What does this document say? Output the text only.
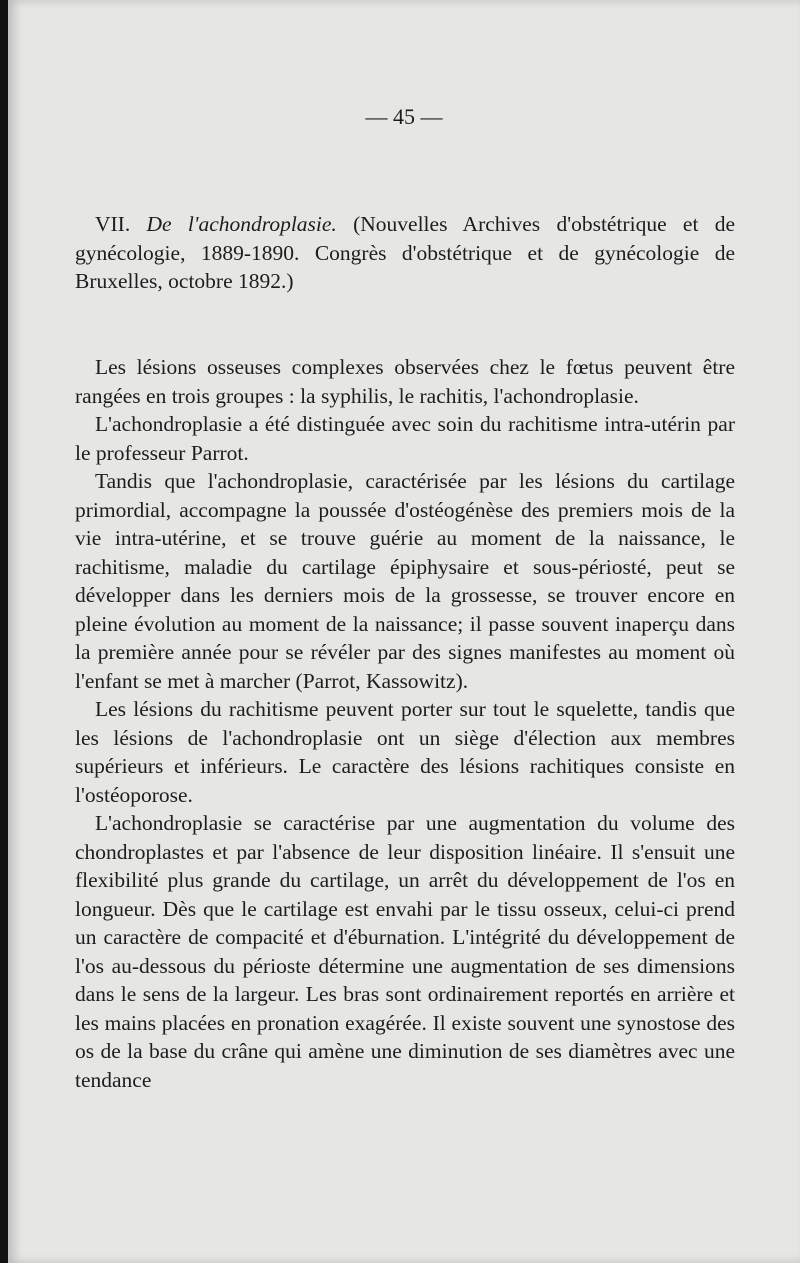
— 45 —

VII. De l'achondroplasie. (Nouvelles Archives d'obstétrique et de gynécologie, 1889-1890. Congrès d'obstétrique et de gynécologie de Bruxelles, octobre 1892.)

Les lésions osseuses complexes observées chez le fœtus peuvent être rangées en trois groupes : la syphilis, le rachitis, l'achondroplasie.

L'achondroplasie a été distinguée avec soin du rachitisme intra-utérin par le professeur Parrot.

Tandis que l'achondroplasie, caractérisée par les lésions du cartilage primordial, accompagne la poussée d'ostéogénèse des premiers mois de la vie intra-utérine, et se trouve guérie au moment de la naissance, le rachitisme, maladie du cartilage épiphysaire et sous-périosté, peut se développer dans les derniers mois de la grossesse, se trouver encore en pleine évolution au moment de la naissance; il passe souvent inaperçu dans la première année pour se révéler par des signes manifestes au moment où l'enfant se met à marcher (Parrot, Kassowitz).

Les lésions du rachitisme peuvent porter sur tout le squelette, tandis que les lésions de l'achondroplasie ont un siège d'élection aux membres supérieurs et inférieurs. Le caractère des lésions rachitiques consiste en l'ostéoporose.

L'achondroplasie se caractérise par une augmentation du volume des chondroplastes et par l'absence de leur disposition linéaire. Il s'ensuit une flexibilité plus grande du cartilage, un arrêt du développement de l'os en longueur. Dès que le cartilage est envahi par le tissu osseux, celui-ci prend un caractère de compacité et d'éburnation. L'intégrité du développement de l'os au-dessous du périoste détermine une augmentation de ses dimensions dans le sens de la largeur. Les bras sont ordinairement reportés en arrière et les mains placées en pronation exagérée. Il existe souvent une synostose des os de la base du crâne qui amène une diminution de ses diamètres avec une tendance
